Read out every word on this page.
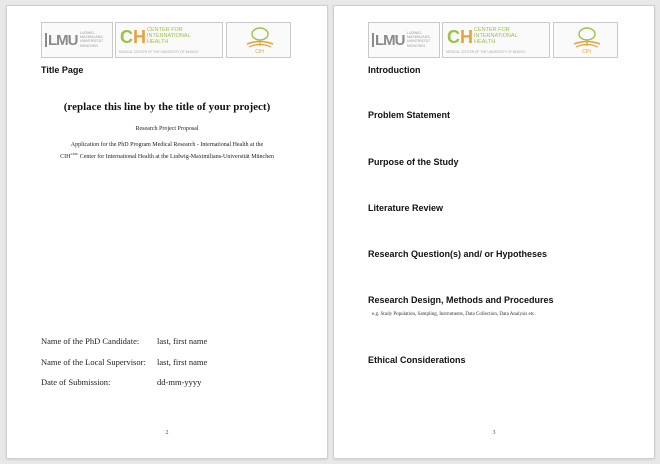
LMU LUDWIG-
MAXIMILIANS-
UNIVERSITÄT
MÜNCHEN	CH CENTER FOR
INTERNATIONAL
HEALTH
MEDICAL CENTER OF THE UNIVERSITY OF MUNICH	CIH
Title Page
(replace this line by the title of your project)
Research Project Proposal
Application for the PhD Program Medical Research - International Health at the
$CIH^{LMU}$ Center for International Health at the Ludwig-Maximilians-Universität München
Name of the PhD Candidate: last, first name
Name of the Local Supervisor: last, first name
Date of Submission:	dd-mm-yyyy
2
LMU LUDWIG-
MAXIMILIANS-
UNIVERSITÄT
MÜNCHEN	CH CENTER FOR
INTERNATIONAL
HEALTH
MEDICAL CENTER OF THE UNIVERSITY OF MUNICH	CIH
Introduction
Problem Statement
Purpose of the Study
Literature Review
Research Question(s) and/ or Hypotheses
Research Design, Methods and Procedures
e.g. Study Population, Sampling, Instruments, Data Collection, Data Analysis etc.
Ethical Considerations
3
